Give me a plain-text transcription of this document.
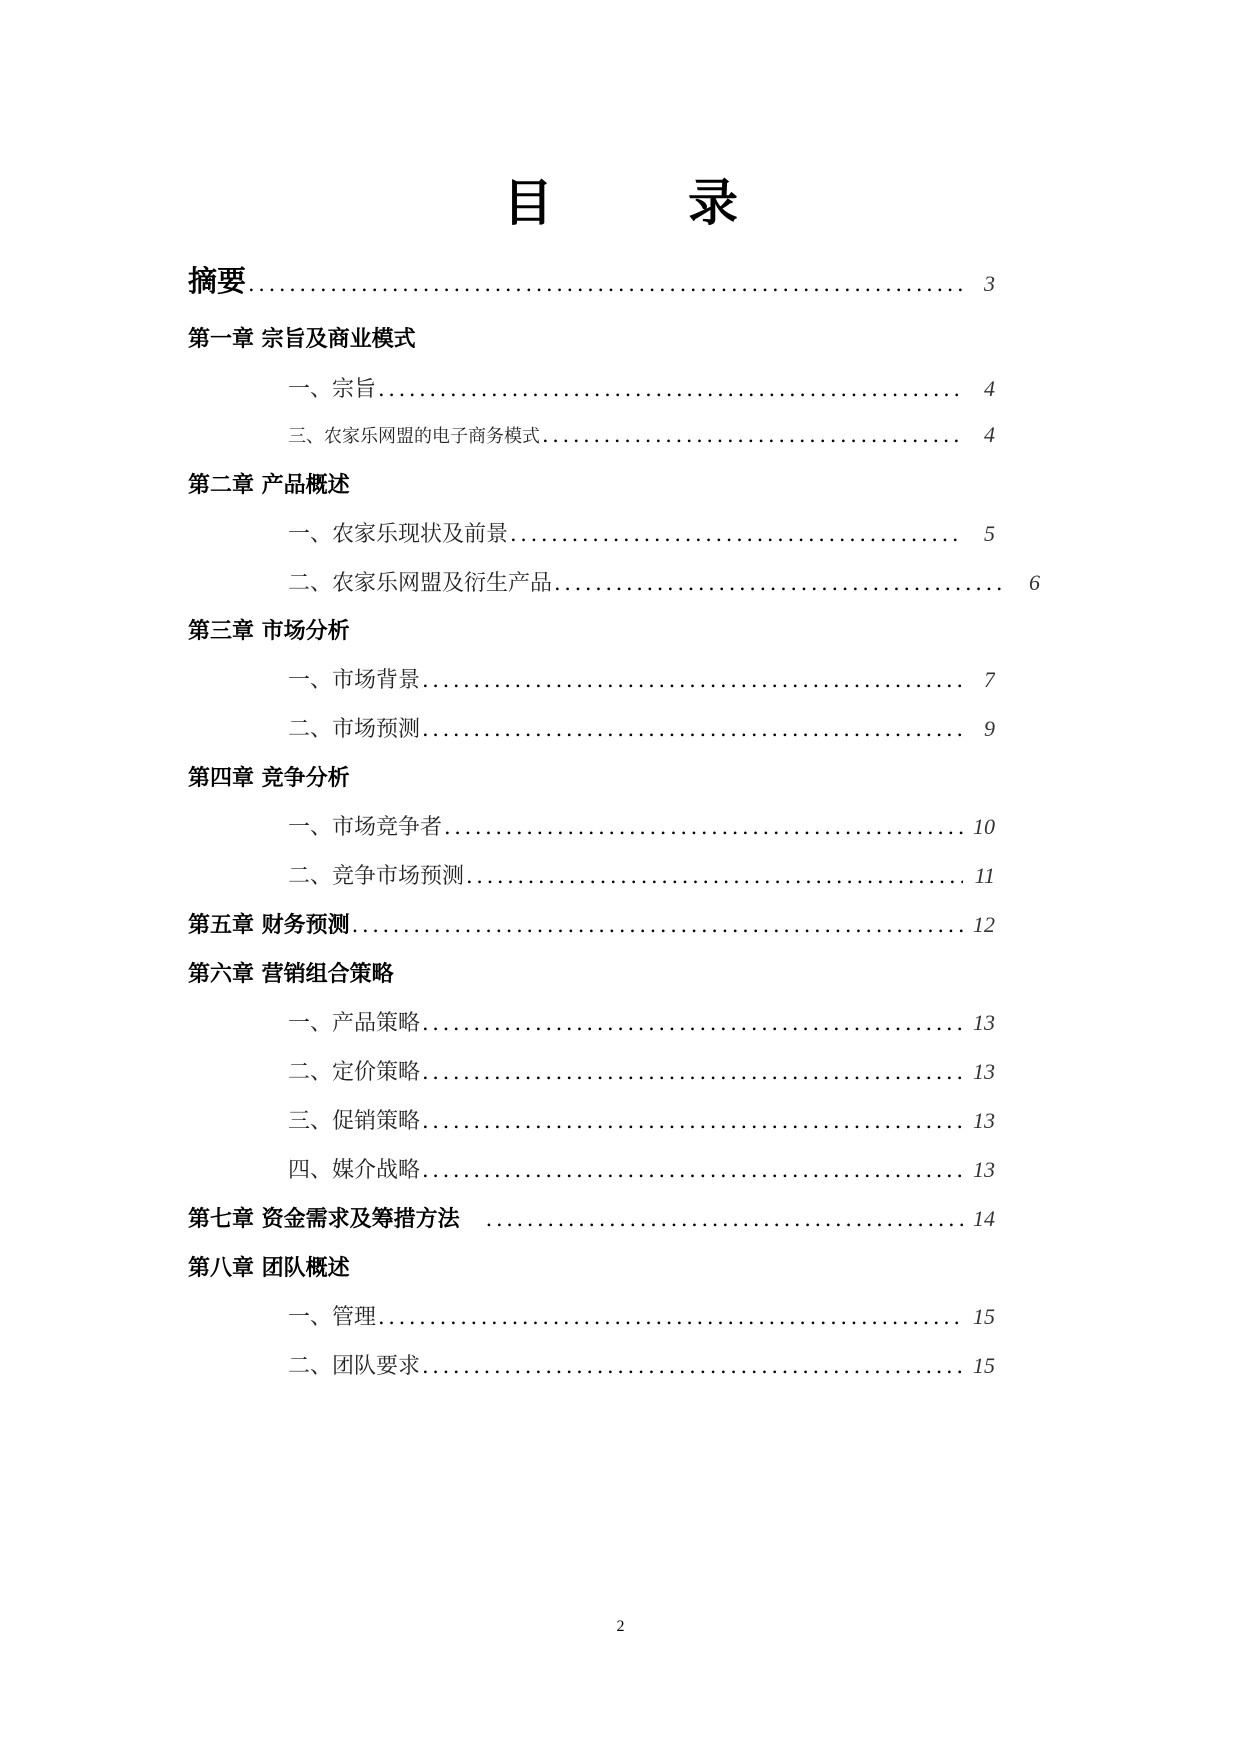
目	录
摘要 .....	3
第一章 宗旨及商业模式
一、宗旨 .....	4
三、农家乐网盟的电子商务模式 .....	4
第二章 产品概述
一、农家乐现状及前景 .....	5
二、农家乐网盟及衍生产品 .....	6
第三章 市场分析
一、市场背景 .....	7
二、市场预测 .....	9
第四章 竞争分析
一、市场竞争者 .....	10
二、竞争市场预测 .....	11
第五章 财务预测 .....	12
第六章 营销组合策略
一、产品策略 .....	13
二、定价策略 .....	13
三、促销策略 .....	13
四、媒介战略 .....	13
第七章 资金需求及筹措方法 .....	14
第八章 团队概述
一、管理 .....	15
二、团队要求 .....	15
2
